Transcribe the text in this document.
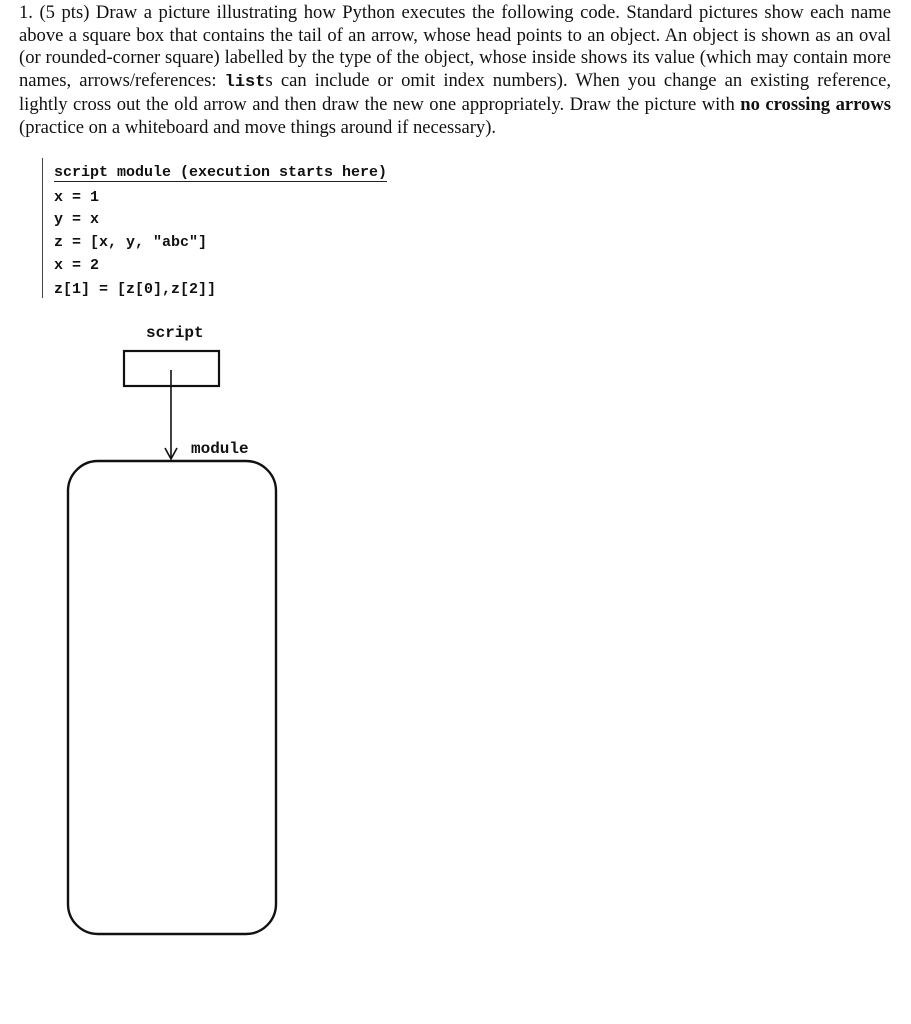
1. (5 pts) Draw a picture illustrating how Python executes the following code. Standard pictures show each name above a square box that contains the tail of an arrow, whose head points to an object. An object is shown as an oval (or rounded-corner square) labelled by the type of the object, whose inside shows its value (which may contain more names, arrows/references: lists can include or omit index numbers). When you change an existing reference, lightly cross out the old arrow and then draw the new one appropriately. Draw the picture with no crossing arrows (practice on a whiteboard and move things around if necessary).

script module (execution starts here)
x = 1
y = x
z = [x, y, "abc"]
x = 2
z[1] = [z[0],z[2]]
script
module
